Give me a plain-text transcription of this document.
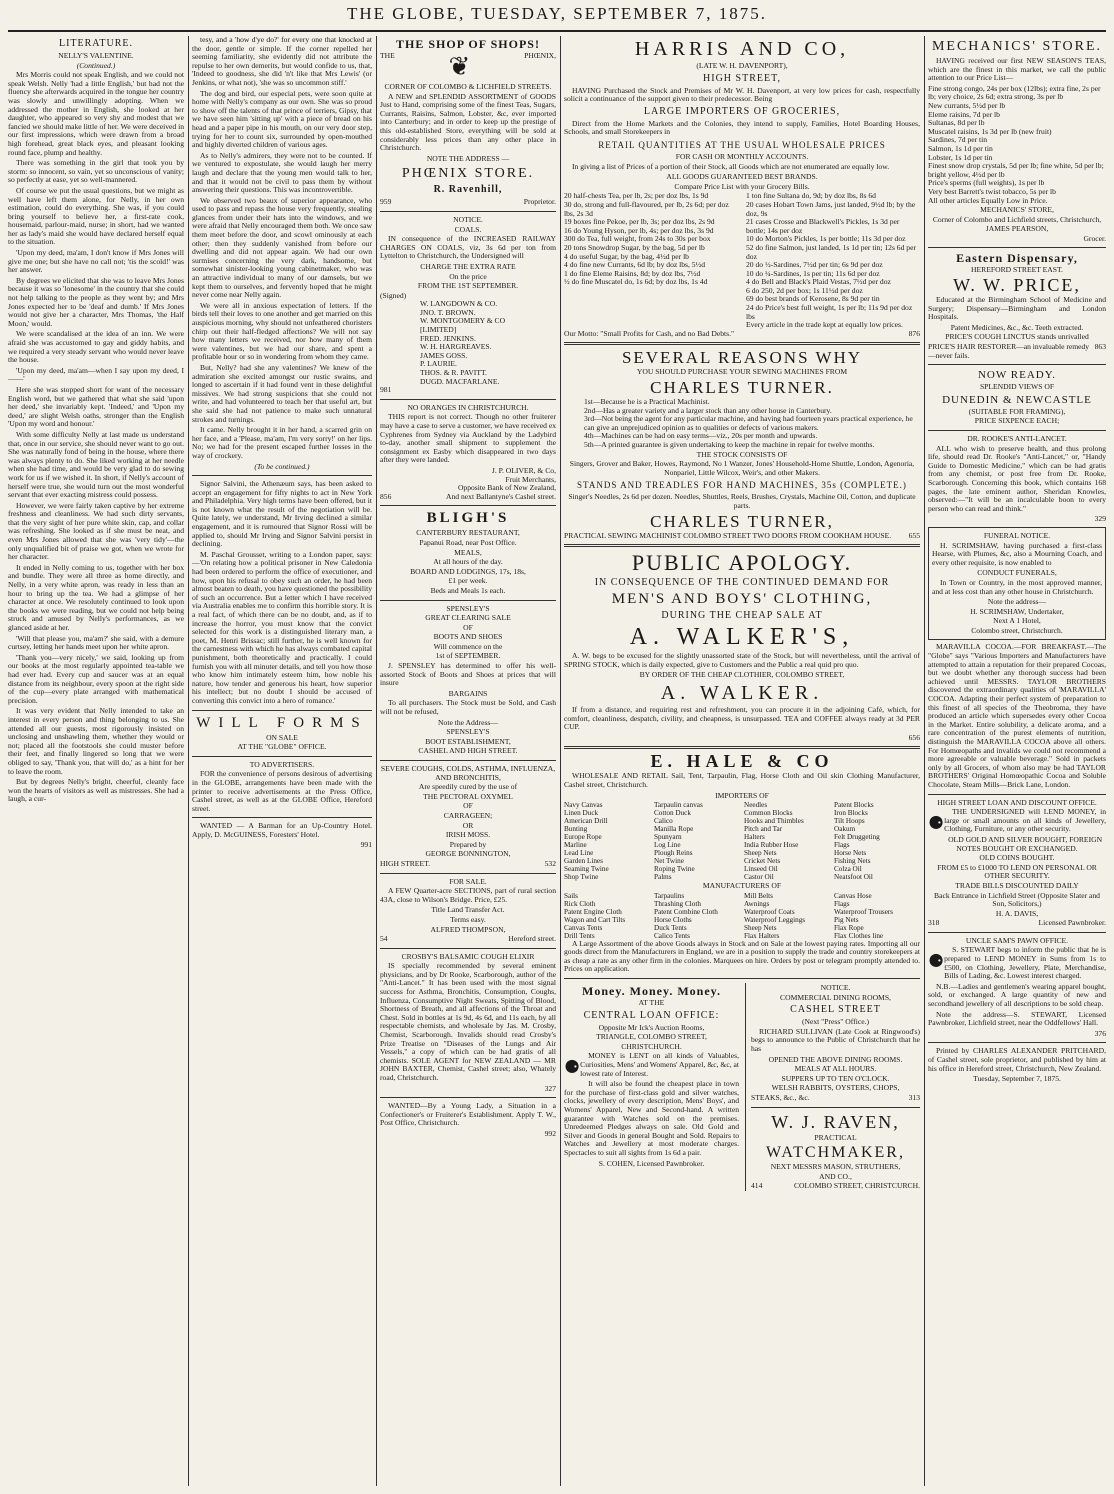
THE GLOBE, TUESDAY, SEPTEMBER 7, 1875.
LITERATURE.
NELLY'S VALENTINE.
(Continued.)

Mrs Morris could not speak English, and we could not speak Welsh. Nelly 'had a little English,' but had not the fluency she afterwards acquired in the tongue her country was slowly and unwillingly adopting. When we addressed the mother in English, she looked at her daughter, who appeared so very shy and modest that we fancied we should make little of her. We were deceived in our first impressions, which were drawn from a broad high forehead, great black eyes, and pleasant looking round face, plump and healthy.

There was something in the girl that took you by storm: so innocent, so vain, yet so unconscious of vanity; so perfectly at ease, yet so well-mannered.

Of course we put the usual questions, but we might as well have left them alone, for Nelly, in her own estimation, could do everything. She was, if you could bring yourself to believe her, a first-rate cook, housemaid, parlour-maid, nurse; in short, had we wanted her as lady's maid she would have declared herself equal to the situation.

'Upon my deed, ma'am, I don't know if Mrs Jones will give me one; but she have no call not; 'tis the scold!' was her answer.

By degrees we elicited that she was to leave Mrs Jones because it was so 'lonesome' in the country that she could not help talking to the people as they went by; and Mrs Jones expected her to be 'deaf and dumb.' If Mrs Jones would not give her a character, Mrs Thomas, 'the Half Moon,' would.

We were scandalised at the idea of an inn. We were afraid she was accustomed to gay and giddy habits, and we required a very steady servant who would never leave the house.

'Upon my deed, ma'am—when I say upon my deed, I——'

Here she was stopped short for want of the necessary English word, but we gathered that what she said 'upon her deed,' she invariably kept. 'Indeed,' and 'Upon my deed,' are slight Welsh oaths, stronger than the English 'Upon my word and honour.'

With some difficulty Nelly at last made us understand that, once in our service, she should never want to go out. She was naturally fond of being in the house, where there was always plenty to do. She liked working at her needle when she had time, and would be very glad to do sewing work for us if we wished it. In short, if Nelly's account of herself were true, she would turn out the most wonderful servant that ever exacting mistress could possess.

However, we were fairly taken captive by her extreme freshness and cleanliness. We had such dirty servants, that the very sight of her pure white skin, cap, and collar was refreshing. She looked as if she must be neat, and even Mrs Jones allowed that she was 'very tidy'—the only unqualified bit of praise we got, when we wrote for her character.

It ended in Nelly coming to us, together with her box and bundle. They were all three as home directly, and Nelly, in a very white apron, was ready in less than an hour to bring up the tea. We had a glimpse of her character at once. We resolutely continued to look upon the books we were reading, but we could not help being struck and amused by Nelly's performances, as we glanced aside at her.

'Will that please you, ma'am?' she said, with a demure curtsey, letting her hands meet upon her white apron.

'Thank you—very nicely,' we said, looking up from our books at the most regularly appointed tea-table we had ever had. Every cup and saucer was at an equal distance from its neighbour, every spoon at the right side of the cup—every plate arranged with mathematical precision.

It was very evident that Nelly intended to take an interest in every person and thing belonging to us. She attended all our guests, most rigorously insisted on unclosing and unshawling them, whether they would or not; placed all the footstools she could muster before their feet, and finally lingered so long that we were obliged to say, 'Thank you, that will do,' as a hint for her to leave the room.

But by degrees Nelly's bright, cheerful, cleanly face won the hearts of visitors as well as mistresses. She had a laugh, a cur-

tesy, and a 'how d'ye do?' for every one that knocked at the door, gentle or simple. If the corner repelled her seeming familiarity, she evidently did not attribute the repulse to her own demerits, but would confide to us, that, 'Indeed to goodness, she did 'n't like that Mrs Lewis' (or Jenkins, or what not), 'she was so uncommon stiff.'

The dog and bird, our especial pets, were soon quite at home with Nelly's company as our own. She was so proud to show off the talents of that prince of terriers, Gipsy, that we have seen him 'sitting up' with a piece of bread on his head and a paper pipe in his mouth, on our very door step, trying for her to count six, surrounded by open-mouthed and highly diverted children of various ages.

As to Nelly's admirers, they were not to be counted. If we ventured to expostulate, she would laugh her merry laugh and declare that the young men would talk to her, and that it would not be civil to pass them by without answering their questions. This was incontrovertible.

We observed two beaux of superior appearance, who used to pass and repass the house very frequently, stealing glances from under their hats into the windows, and we were afraid that Nelly encouraged them both. We once saw them meet before the door, and scowl ominously at each other; then they suddenly vanished from before our dwelling and did not appear again. We had our own surmises concerning the very dark, handsome, but somewhat sinister-looking young cabinetmaker, who was an attractive individual to many of our damsels, but we kept them to ourselves, and fervently hoped that he might never come near Nelly again.

We were all in anxious expectation of letters. If the birds tell their loves to one another and get married on this auspicious morning, why should not unfeathered choristers chirp out their half-fledged affections? We will not say how many letters we received, nor how many of them were valentines, but we had our share, and spent a profitable hour or so in wondering from whom they came.

But, Nelly? had she any valentines? We knew of the admiration she excited amongst our rustic swains, and longed to ascertain if it had found vent in these delightful missives. We had strong suspicions that she could not write, and had volunteered to teach her that useful art, but she said she had not patience to make such unnatural strokes and turnings.

It came. Nelly brought it in her hand, a scarred grin on her face, and a 'Please, ma'am, I'm very sorry!' on her lips. No; we had for the present escaped further losses in the way of crockery.

(To be continued.)

Signor Salvini, the Athenæum says, has been asked to accept an engagement for fifty nights to act in New York and Philadelphia. Very high terms have been offered, but it is not known what the result of the negotiation will be. Quite lately, we understand, Mr Irving declined a similar engagement, and it is rumoured that Signor Rossi will be applied to, should Mr Irving and Signor Salvini persist in declining.

M. Paschal Grousset, writing to a London paper, says:—'On relating how a political prisoner in New Caledonia had been ordered to perform the office of executioner, and how, upon his refusal to obey such an order, he had been almost beaten to death, you have questioned the possibility of such an occurrence. But a letter which I have received via Australia enables me to confirm this horrible story. It is a real fact, of which there can be no doubt, and, as if to increase the horror, you must know that the convict selected for this work is a distinguished literary man, a poet, M. Henri Brissac; still further, he is well known for the carnestness with which he has always combated capital punishment, both theoretically and practically. I could furnish you with all minuter details, and tell you how those who know him intimately esteem him, how noble his nature, how tender and generous his heart, how superior his intellect; but no doubt I should be accused of converting this convict into a hero of romance.'

WILL FORMS
ON SALE
AT THE "GLOBE" OFFICE.
TO ADVERTISERS.

FOR the convenience of persons desirous of advertising in the GLOBE, arrangements have been made with the printer to receive advertisements at the Press Office, Cashel street, as well as at the GLOBE Office, Hereford street.

WANTED — A Barman for an Up-Country Hotel. Apply, D. McGUINESS, Foresters' Hotel.

991
THE SHOP OF SHOPS!
THE ❦	PHŒNIX,
CORNER OF COLOMBO & LICHFIELD STREETS.

A NEW and SPLENDID ASSORTMENT of GOODS Just to Hand, comprising some of the finest Teas, Sugars, Currants, Raisins, Salmon, Lobster, &c, ever imported into Canterbury; and in order to keep up the prestige of this old-established Store, everything will be sold at considerably less prices than any other place in Christchurch.

NOTE THE ADDRESS —
PHŒNIX STORE.
R. Ravenhill,
959	Proprietor.
NOTICE.
COALS.

IN consequence of the INCREASED RAILWAY CHARGES ON COALS, viz, 3s 6d per ton from Lyttelton to Christchurch, the Undersigned will

CHARGE THE EXTRA RATE
On the price
FROM THE 1ST SEPTEMBER.
(Signed)
W. LANGDOWN & CO.
JNO. T. BROWN.
W. MONTGOMERY & CO
[LIMITED]
FRED. JENKINS.
W. H. HARGREAVES.
JAMES GOSS.
P. LAURIE.
THOS. & R. PAVITT.
DUGD. MACFARLANE.
981
NO ORANGES IN CHRISTCHURCH.

THIS report is not correct. Though no other fruiterer may have a case to serve a customer, we have received ex Cyphrenes from Sydney via Auckland by the Ladybird to-day, another small shipment to supplement the consignment ex Easby which disappeared in two days after they were landed.

J. P. OLIVER, & Co,
Fruit Merchants,
Opposite Bank of New Zealand,
856	And next Ballantyne's Cashel street.
BLIGH'S
CANTERBURY RESTAURANT,
Papanui Road, near Post Office.
MEALS,
At all hours of the day.
BOARD AND LODGINGS, 17s, 18s,
£1 per week.
Beds and Meals 1s each.
SPENSLEY'S
GREAT CLEARING SALE
OF
BOOTS AND SHOES
Will commence on the
1st of SEPTEMBER.

J. SPENSLEY has determined to offer his well-assorted Stock of Boots and Shoes at prices that will insure

BARGAINS

To all purchasers. The Stock must be Sold, and Cash will not be refused,

Note the Address—
SPENSLEY'S
BOOT ESTABLISHMENT,
CASHEL AND HIGH STREET.
SEVERE COUGHS, COLDS, ASTHMA, INFLUENZA, AND BRONCHITIS,
Are speedily cured by the use of
THE PECTORAL OXYMEL
OF
CARRAGEEN;
OR
IRISH MOSS.
Prepared by
GEORGE BONNINGTON,
HIGH STREET.	532
FOR SALE.

A FEW Quarter-acre SECTIONS, part of rural section 43A, close to Wilson's Bridge. Price, £25.

Title Land Transfer Act.
Terms easy.
ALFRED THOMPSON,
54	Hereford street.
CROSBY'S BALSAMIC COUGH ELIXIR

IS specially recommended by several eminent physicians, and by Dr Rooke, Scarborough, author of the "Anti-Lancet." It has been used with the most signal success for Asthma, Bronchitis, Consumption, Coughs, Influenza, Consumptive Night Sweats, Spitting of Blood, Shortness of Breath, and all affections of the Throat and Chest. Sold in bottles at 1s 9d, 4s 6d, and 11s each, by all respectable chemists, and wholesale by Jas. M. Crosby, Chemist, Scarborough. Invalids should read Crosby's Prize Treatise on "Diseases of the Lungs and Air Vessels," a copy of which can be had gratis of all chemists. SOLE AGENT for NEW ZEALAND — MR JOHN BAXTER, Chemist, Cashel street; also, Whately road, Christchurch.

327

WANTED—By a Young Lady, a Situation in a Confectioner's or Fruiterer's Establishment. Apply T. W., Post Office, Christchurch.

992
HARRIS AND CO,
(LATE W. H. DAVENPORT),
HIGH STREET,

HAVING Purchased the Stock and Premises of Mr W. H. Davenport, at very low prices for cash, respectfully solicit a continuance of the support given to their predecessor. Being

LARGE IMPORTERS OF GROCERIES,

Direct from the Home Markets and the Colonies, they intend to supply, Families, Hotel Boarding Houses, Schools, and small Storekeepers in

RETAIL QUANTITIES AT THE USUAL WHOLESALE PRICES
FOR CASH OR MONTHLY ACCOUNTS.

In giving a list of Prices of a portion of their Stock, all Goods which are not enumerated are equally low.

ALL GOODS GUARANTEED BEST BRANDS.
Compare Price List with your Grocery Bills.
20 half-chests Tea, per lb, 2s; per doz lbs, 1s 9d
30 do, strong and full-flavoured, per lb, 2s 6d; per doz lbs, 2s 3d
19 boxes fine Pekoe, per lb, 3s; per doz lbs, 2s 9d
16 do Young Hyson, per lb, 4s; per doz lbs, 3s 9d
300 do Tea, full weight, from 24s to 30s per box
20 tons Snowdrop Sugar, by the bag, 5d per lb
4 do useful Sugar, by the bag, 4½d per lb
4 do fine new Currants, 6d lb; by doz lbs, 5½d
1 do fine Eleme Raisins, 8d; by doz lbs, 7½d
½ do fine Muscatel do, 1s 6d; by doz lbs, 1s 4d
1 ton fine Sultana do, 9d; by doz lbs, 8s 6d
20 cases Hobart Town Jams, just landed, 9½d lb; by the doz, 9s
21 cases Crosse and Blackwell's Pickles, 1s 3d per bottle; 14s per doz
10 do Morton's Pickles, 1s per bottle; 11s 3d per doz
52 do fine Salmon, just landed, 1s 1d per tin; 12s 6d per doz
20 do ½-Sardines, 7½d per tin; 6s 9d per doz
10 do ¼-Sardines, 1s per tin; 11s 6d per doz
4 do Bell and Black's Plaid Vestas, 7½d per doz
6 do 250, 2d per box; 1s 11½d per doz
69 do best brands of Kerosene, 8s 9d per tin
24 do Price's best full weight, 1s per lb; 11s 9d per doz lbs
Every article in the trade kept at equally low prices.
Our Motto: "Small Profits for Cash, and no Bad Debts."	876
SEVERAL REASONS WHY
YOU SHOULD PURCHASE YOUR SEWING MACHINES FROM
CHARLES TURNER.
1st—Because he is a Practical Machinist.
2nd—Has a greater variety and a larger stock than any other house in Canterbury.
3rd—Not being the agent for any particular machine, and having had fourteen years practical experience, he can give an unprejudiced opinion as to qualities or defects of various makers.
4th—Machines can be had on easy terms—viz., 20s per month and upwards.
5th—A printed guarantee is given undertaking to keep the machine in repair for twelve months.
THE STOCK CONSISTS OF
Singers, Grover and Baker, Howes, Raymond, No 1 Wanzer, Jones' Household-Home Shuttle, London, Agenoria, Nonpariel, Little Wilcox, Weir's, and other Makers.
STANDS AND TREADLES FOR HAND MACHINES, 35s (COMPLETE.)
Singer's Needles, 2s 6d per dozen. Needles, Shuttles, Reels, Brushes, Crystals, Machine Oil, Cotton, and duplicate parts.
CHARLES TURNER,
PRACTICAL SEWING MACHINIST COLOMBO STREET TWO DOORS FROM COOKHAM HOUSE. 655
PUBLIC APOLOGY.
IN CONSEQUENCE OF THE CONTINUED DEMAND FOR
MEN'S AND BOYS' CLOTHING,
DURING THE CHEAP SALE AT
A. WALKER'S,

A. W. begs to be excused for the slightly unassorted state of the Stock, but will nevertheless, until the arrival of SPRING STOCK, which is daily expected, give to Customers and the Public a real quid pro quo.

BY ORDER OF THE CHEAP CLOTHIER, COLOMBO STREET,
A. WALKER.

If from a distance, and requiring rest and refreshment, you can procure it in the adjoining Café, which, for comfort, cleanliness, despatch, civility, and cheapness, is unsurpassed. TEA and COFFEE always ready at 3d PER CUP.

656
E. HALE & CO

WHOLESALE AND RETAIL Sail, Tent, Tarpaulin, Flag, Horse Cloth and Oil skin Clothing Manufacturer, Cashel street, Christchurch.

IMPORTERS OF
Navy Canvas
Linen Duck
American Drill
Bunting
Europe Rope
Marline
Lead Line
Garden Lines
Seaming Twine
Shop Twine
Tarpaulin canvas
Cotton Duck
Calico
Manilla Rope
Spunyarn
Log Line
Plough Reins
Net Twine
Roping Twine
Palms
Needles
Common Blocks
Hooks and Thimbles
Pitch and Tar
Halters
India Rubber Hose
Sheep Nets
Cricket Nets
Linseed Oil
Castor Oil
Patent Blocks
Iron Blocks
Tilt Hoops
Oakum
Felt Druggeting
Flags
Horse Nets
Fishing Nets
Colza Oil
Neatsfoot Oil
MANUFACTURERS OF
Sails
Rick Cloth
Patent Engine Cloth
Wagon and Cart Tilts
Canvas Tents
Drill Tents
Tarpaulins
Thrashing Cloth
Patent Combine Cloth
Horse Cloths
Duck Tents
Calico Tents
Mill Belts
Awnings
Waterproof Coats
Waterproof Leggings
Sheep Nets
Flax Halters
Canvas Hose
Flags
Waterproof Trousers
Pig Nets
Flax Rope
Flax Clothes line

A Large Assortment of the above Goods always in Stock and on Sale at the lowest paying rates. Importing all our goods direct from the Manufacturers in England, we are in a position to supply the trade and country storekeepers at as cheap a rate as any other firm in the colonies. Marquees on hire. Orders by post or telegram promptly attended to. Prices on application.

Money. Money. Money.
AT THE
CENTRAL LOAN OFFICE:
Opposite Mr Ick's Auction Rooms,
TRIANGLE, COLOMBO STREET,
CHRISTCHURCH.
⚈

MONEY is LENT on all kinds of Valuables, Curiosities, Mens' and Womens' Apparel, &c, &c, at lowest rate of Interest.

It will also be found the cheapest place in town for the purchase of first-class gold and silver watches, clocks, jewellery of every description, Mens' Boys', and Womens' Apparel, New and Second-hand. A written guarantee with Watches sold on the premises. Unredeemed Pledges always on sale. Old Gold and Silver and Goods in general Bought and Sold. Repairs to Watches and Jewellery at most moderate charges. Spectacles to suit all sights from 1s 6d a pair.

S. COHEN, Licensed Pawnbroker.
NOTICE.
COMMERCIAL DINING ROOMS,
CASHEL STREET
(Next "Press" Office.)

RICHARD SULLIVAN (Late Cook at Ringwood's) begs to announce to the Public of Christchurch that he has

OPENED THE ABOVE DINING ROOMS.
MEALS AT ALL HOURS.
SUPPERS UP TO TEN O'CLOCK.
WELSH RABBITS, OYSTERS, CHOPS,
STEAKS, &c., &c.	313
W. J. RAVEN,
PRACTICAL
WATCHMAKER,
NEXT MESSRS MASON, STRUTHERS,
AND CO.,
414	COLOMBO STREET, CHRISTCURCH.
MECHANICS' STORE.

HAVING received our first NEW SEASON'S TEAS, which are the finest in this market, we call the public attention to our Price List—

Fine strong congo, 24s per box (12lbs); extra fine, 2s per lb; very choice, 2s 6d; extra strong, 3s per lb
New currants, 5½d per lb
Eleme raisins, 7d per lb
Sultanas, 8d per lb
Muscatel raisins, 1s 3d per lb (new fruit)
Sardines, 7d per tin
Salmon, 1s 1d per tin
Lobster, 1s 1d per tin
Finest snow drop crystals, 5d per lb; fine white, 5d per lb; bright yellow, 4½d per lb
Price's sperms (full weights), 1s per lb
Very best Barrett's twist tobacco, 5s per lb
All other articles Equally Low in Price.
MECHANICS' STORE,
Corner of Colombo and Lichfield streets, Christchurch,
JAMES PEARSON,
Grocer.
Eastern Dispensary,
HEREFORD STREET EAST.
W. W. PRICE,

Educated at the Birmingham School of Medicine and Surgery; Dispensary—Birmingham and London Hospitals.

Patent Medicines, &c., &c. Teeth extracted.
PRICE'S COUGH LINCTUS stands unrivalled
PRICE'S HAIR RESTORER—an invaluable remedy—never fails.
863
NOW READY.
SPLENDID VIEWS OF
DUNEDIN & NEWCASTLE
(SUITABLE FOR FRAMING),
PRICE SIXPENCE EACH;
DR. ROOKE'S ANTI-LANCET.

ALL who wish to preserve health, and thus prolong life, should read Dr. Rooke's "Anti-Lancet," or, "Handy Guide to Domestic Medicine," which can be had gratis from any chemist, or post free from Dr. Rooke, Scarborough. Concerning this book, which contains 168 pages, the late eminent author, Sheridan Knowles, observed:—"It will be an incalculable boon to every person who can read and think."

329
FUNERAL NOTICE.

H. SCRIMSHAW, having purchased a first-class Hearse, with Plumes, &c, also a Mourning Coach, and every other requisite, is now enabled to

CONDUCT FUNERALS,

In Town or Country, in the most approved manner, and at less cost than any other house in Christchurch.

Note the address—
H. SCRIMSHAW, Undertaker,
Next A 1 Hotel,
Colombo street, Christchurch.

MARAVILLA COCOA.—FOR BREAKFAST.—The "Globe" says "Various Importers and Manufacturers have attempted to attain a reputation for their prepared Cocoas, but we doubt whether any thorough success had been achieved until MESSRS. TAYLOR BROTHERS discovered the extraordinary qualities of 'MARAVILLA' COCOA. Adapting their perfect system of preparation to this finest of all species of the Theobroma, they have produced an article which supersedes every other Cocoa in the Market. Entire solubility, a delicate aroma, and a rare concentration of the purest elements of nutrition, distinguish the MARAVILLA COCOA above all others. For Homœopaths and invalids we could not recommend a more agreeable or valuable beverage." Sold in packets only by all Grocers, of whom also may be had TAYLOR BROTHERS' Original Homœopathic Cocoa and Soluble Chocolate, Steam Mills—Brick Lane, London.

HIGH STREET LOAN AND DISCOUNT OFFICE.
⚈

THE UNDERSIGNED will LEND MONEY, in large or small amounts on all kinds of Jewellery, Clothing, Furniture, or any other security.

OLD GOLD AND SILVER BOUGHT, FOREIGN NOTES BOUGHT OR EXCHANGED.
OLD COINS BOUGHT.
FROM £5 to £1000 TO LEND ON PERSONAL OR OTHER SECURITY.
TRADE BILLS DISCOUNTED DAILY
Back Entrance in Lichfield Street (Opposite Slater and Son, Solicitors,)
H. A. DAVIS,
318	Licensed Pawnbroker.
UNCLE SAM'S PAWN OFFICE.
⚈

S. STEWART begs to inform the public that he is prepared to LEND MONEY in Sums from 1s to £500, on Clothing, Jewellery, Plate, Merchandise, Bills of Lading, &c. Lowest interest charged.

N.B.—Ladies and gentlemen's wearing apparel bought, sold, or exchanged. A large quantity of new and secondhand jewellery of all descriptions to be sold cheap.

Note the address—S. STEWART, Licensed Pawnbroker, Lichfield street, near the Oddfellows' Hall.

376

Printed by CHARLES ALEXANDER PRITCHARD, of Cashel street, sole proprietor, and published by him at his office in Hereford street, Christchurch, New Zealand.

Tuesday, September 7, 1875.
